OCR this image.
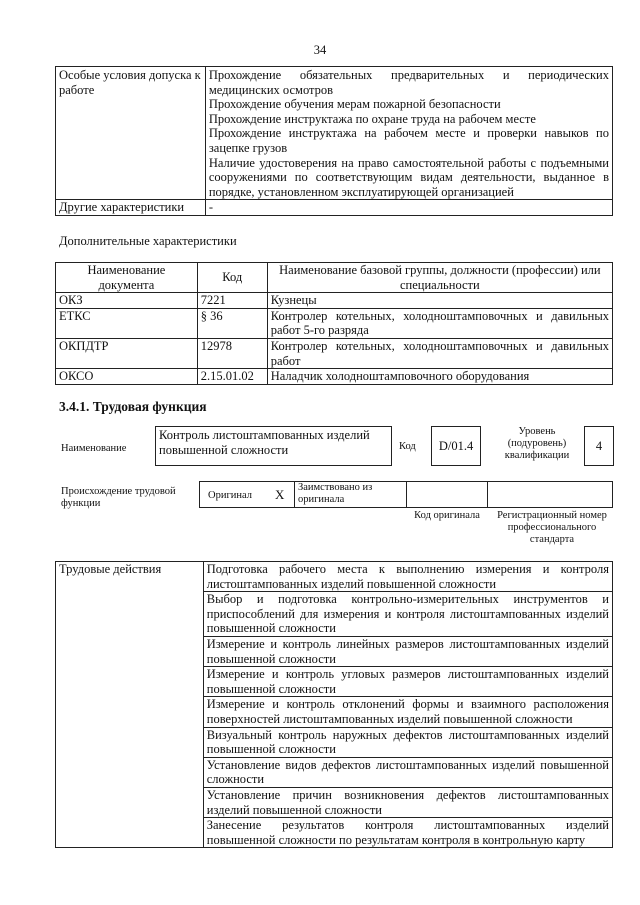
34
Особые условия допуска к работе	Прохождение обязательных предварительных и периодических медицинских осмотров
Прохождение обучения мерам пожарной безопасности
Прохождение инструктажа по охране труда на рабочем месте
Прохождение инструктажа на рабочем месте и проверки навыков по зацепке грузов
Наличие удостоверения на право самостоятельной работы с подъемными сооружениями по соответствующим видам деятельности, выданное в порядке, установленном эксплуатирующей организацией

Другие характеристики	-
Дополнительные характеристики
Наименование документа	Код	Наименование базовой группы, должности (профессии) или специальности
ОКЗ	7221	Кузнецы
ЕТКС	§ 36	Контролер котельных, холодноштамповочных и давильных работ 5-го разряда
ОКПДТР	12978	Контролер котельных, холодноштамповочных и давильных работ
ОКСО	2.15.01.02	Наладчик холодноштамповочного оборудования
3.4.1. Трудовая функция
Наименование
Контроль листоштампованных изделий повышенной сложности	Код	D/01.4
Уровень (подуровень) квалификации
4
Происхождение трудовой функции
Оригинал X Заимствовано из оригинала
Код оригинала	Регистрационный номер профессионального стандарта
Трудовые действия	Подготовка рабочего места к выполнению измерения и контроля листоштампованных изделий повышенной сложности
Выбор и подготовка контрольно-измерительных инструментов и приспособлений для измерения и контроля листоштампованных изделий повышенной сложности
Измерение и контроль линейных размеров листоштампованных изделий повышенной сложности
Измерение и контроль угловых размеров листоштампованных изделий повышенной сложности
Измерение и контроль отклонений формы и взаимного расположения поверхностей листоштампованных изделий повышенной сложности
Визуальный контроль наружных дефектов листоштампованных изделий повышенной сложности
Установление видов дефектов листоштампованных изделий повышенной сложности
Установление причин возникновения дефектов листоштампованных изделий повышенной сложности
Занесение результатов контроля листоштампованных изделий повышенной сложности по результатам контроля в контрольную карту
